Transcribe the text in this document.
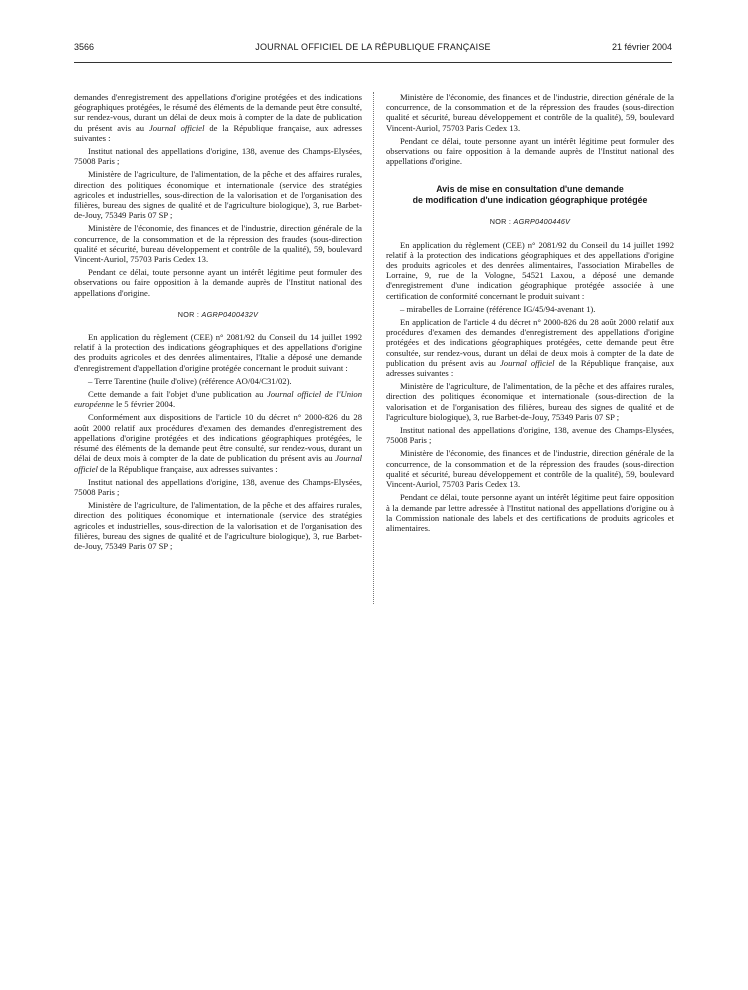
3566	JOURNAL OFFICIEL DE LA RÉPUBLIQUE FRANÇAISE	21 février 2004

demandes d'enregistrement des appellations d'origine protégées et des indications géographiques protégées, le résumé des éléments de la demande peut être consulté, sur rendez-vous, durant un délai de deux mois à compter de la date de publication du présent avis au Journal officiel de la République française, aux adresses suivantes :

Institut national des appellations d'origine, 138, avenue des Champs-Elysées, 75008 Paris ;

Ministère de l'agriculture, de l'alimentation, de la pêche et des affaires rurales, direction des politiques économique et internationale (service des stratégies agricoles et industrielles, sous-direction de la valorisation et de l'organisation des filières, bureau des signes de qualité et de l'agriculture biologique), 3, rue Barbet-de-Jouy, 75349 Paris 07 SP ;

Ministère de l'économie, des finances et de l'industrie, direction générale de la concurrence, de la consommation et de la répression des fraudes (sous-direction qualité et sécurité, bureau développement et contrôle de la qualité), 59, boulevard Vincent-Auriol, 75703 Paris Cedex 13.

Pendant ce délai, toute personne ayant un intérêt légitime peut formuler des observations ou faire opposition à la demande auprès de l'Institut national des appellations d'origine.

NOR : AGRP0400432V

En application du règlement (CEE) n° 2081/92 du Conseil du 14 juillet 1992 relatif à la protection des indications géographiques et des appellations d'origine des produits agricoles et des denrées alimentaires, l'Italie a déposé une demande d'enregistrement d'appellation d'origine protégée concernant le produit suivant :

– Terre Tarentine (huile d'olive) (référence AO/04/C31/02).

Cette demande a fait l'objet d'une publication au Journal officiel de l'Union européenne le 5 février 2004.

Conformément aux dispositions de l'article 10 du décret n° 2000-826 du 28 août 2000 relatif aux procédures d'examen des demandes d'enregistrement des appellations d'origine protégées et des indications géographiques protégées, le résumé des éléments de la demande peut être consulté, sur rendez-vous, durant un délai de deux mois à compter de la date de publication du présent avis au Journal officiel de la République française, aux adresses suivantes :

Institut national des appellations d'origine, 138, avenue des Champs-Elysées, 75008 Paris ;

Ministère de l'agriculture, de l'alimentation, de la pêche et des affaires rurales, direction des politiques économique et internationale (service des stratégies agricoles et industrielles, sous-direction de la valorisation et de l'organisation des filières, bureau des signes de qualité et de l'agriculture biologique), 3, rue Barbet-de-Jouy, 75349 Paris 07 SP ;

Ministère de l'économie, des finances et de l'industrie, direction générale de la concurrence, de la consommation et de la répression des fraudes (sous-direction qualité et sécurité, bureau développement et contrôle de la qualité), 59, boulevard Vincent-Auriol, 75703 Paris Cedex 13.

Pendant ce délai, toute personne ayant un intérêt légitime peut formuler des observations ou faire opposition à la demande auprès de l'Institut national des appellations d'origine.

Avis de mise en consultation d'une demande
de modification d'une indication géographique protégée
NOR : AGRP0400446V

En application du règlement (CEE) n° 2081/92 du Conseil du 14 juillet 1992 relatif à la protection des indications géographiques et des appellations d'origine des produits agricoles et des denrées alimentaires, l'association Mirabelles de Lorraine, 9, rue de la Vologne, 54521 Laxou, a déposé une demande d'enregistrement d'une indication géographique protégée associée à une certification de conformité concernant le produit suivant :

– mirabelles de Lorraine (référence IG/45/94-avenant 1).

En application de l'article 4 du décret n° 2000-826 du 28 août 2000 relatif aux procédures d'examen des demandes d'enregistrement des appellations d'origine protégées et des indications géographiques protégées, cette demande peut être consultée, sur rendez-vous, durant un délai de deux mois à compter de la date de publication du présent avis au Journal officiel de la République française, aux adresses suivantes :

Ministère de l'agriculture, de l'alimentation, de la pêche et des affaires rurales, direction des politiques économique et internationale (sous-direction de la valorisation et de l'organisation des filières, bureau des signes de qualité et de l'agriculture biologique), 3, rue Barbet-de-Jouy, 75349 Paris 07 SP ;

Institut national des appellations d'origine, 138, avenue des Champs-Elysées, 75008 Paris ;

Ministère de l'économie, des finances et de l'industrie, direction générale de la concurrence, de la consommation et de la répression des fraudes (sous-direction qualité et sécurité, bureau développement et contrôle de la qualité), 59, boulevard Vincent-Auriol, 75703 Paris Cedex 13.

Pendant ce délai, toute personne ayant un intérêt légitime peut faire opposition à la demande par lettre adressée à l'Institut national des appellations d'origine ou à la Commission nationale des labels et des certifications de produits agricoles et alimentaires.
